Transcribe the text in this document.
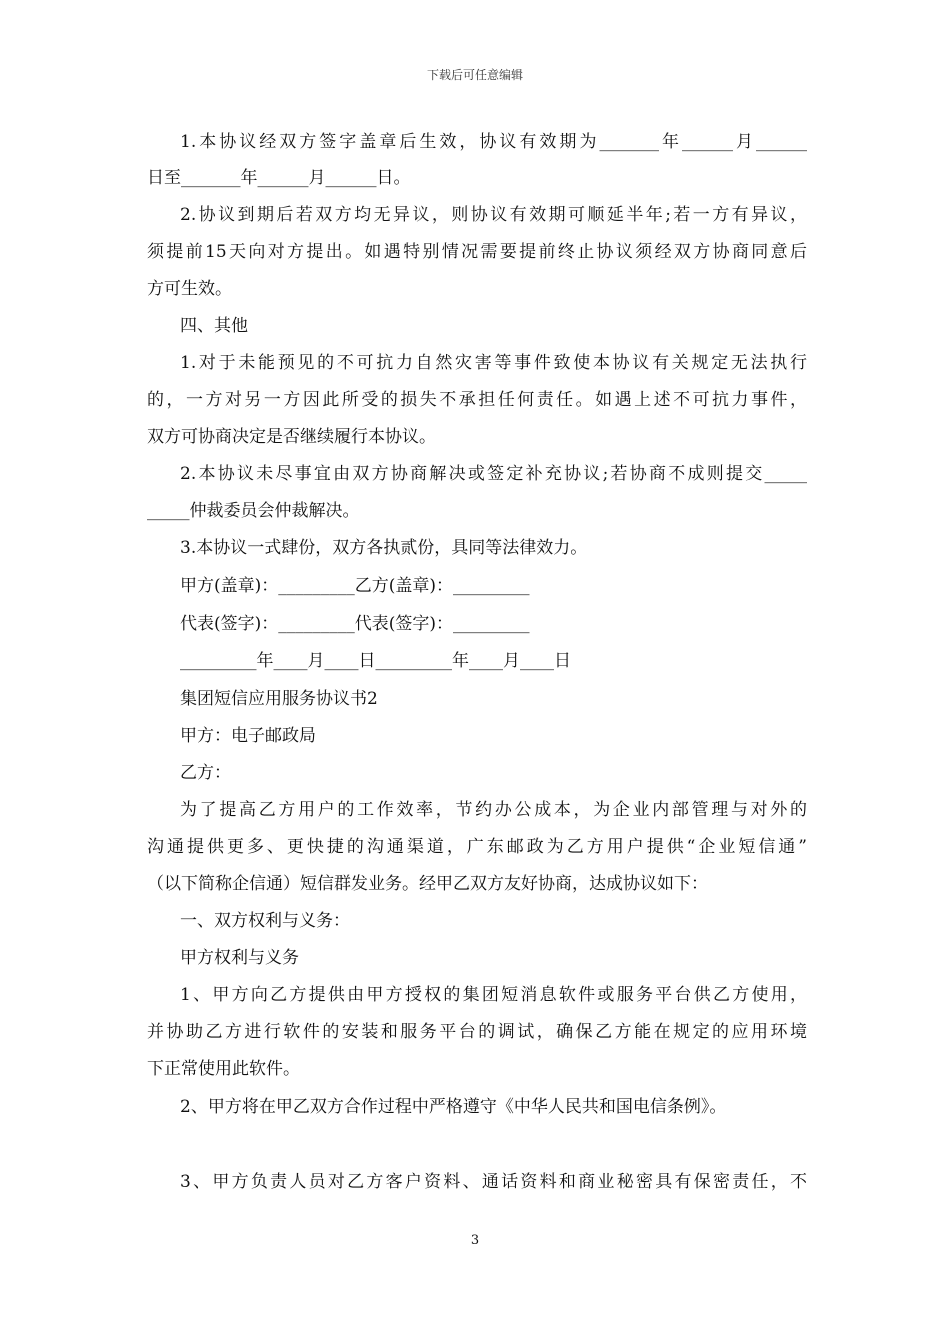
下载后可任意编辑
1.本协议经双方签字盖章后生效，协议有效期为_______年______月______
日至_______年______月______日。
2.协议到期后若双方均无异议，则协议有效期可顺延半年;若一方有异议，
须提前15天向对方提出。如遇特别情况需要提前终止协议须经双方协商同意后
方可生效。
四、其他
1.对于未能预见的不可抗力自然灾害等事件致使本协议有关规定无法执行
的，一方对另一方因此所受的损失不承担任何责任。如遇上述不可抗力事件，
双方可协商决定是否继续履行本协议。
2.本协议未尽事宜由双方协商解决或签定补充协议;若协商不成则提交_____
_____仲裁委员会仲裁解决。
3.本协议一式肆份，双方各执贰份，具同等法律效力。
甲方(盖章)：_________乙方(盖章)：_________
代表(签字)：_________代表(签字)：_________
_________年____月____日_________年____月____日
集团短信应用服务协议书2
甲方：电子邮政局
乙方：
为了提高乙方用户的工作效率，节约办公成本，为企业内部管理与对外的
沟通提供更多、更快捷的沟通渠道，广东邮政为乙方用户提供“企业短信通”
（以下简称企信通）短信群发业务。经甲乙双方友好协商，达成协议如下：
一、双方权利与义务：
甲方权利与义务
1、甲方向乙方提供由甲方授权的集团短消息软件或服务平台供乙方使用，
并协助乙方进行软件的安装和服务平台的调试，确保乙方能在规定的应用环境
下正常使用此软件。
2、甲方将在甲乙双方合作过程中严格遵守《中华人民共和国电信条例》。
3、甲方负责人员对乙方客户资料、通话资料和商业秘密具有保密责任，不
3
